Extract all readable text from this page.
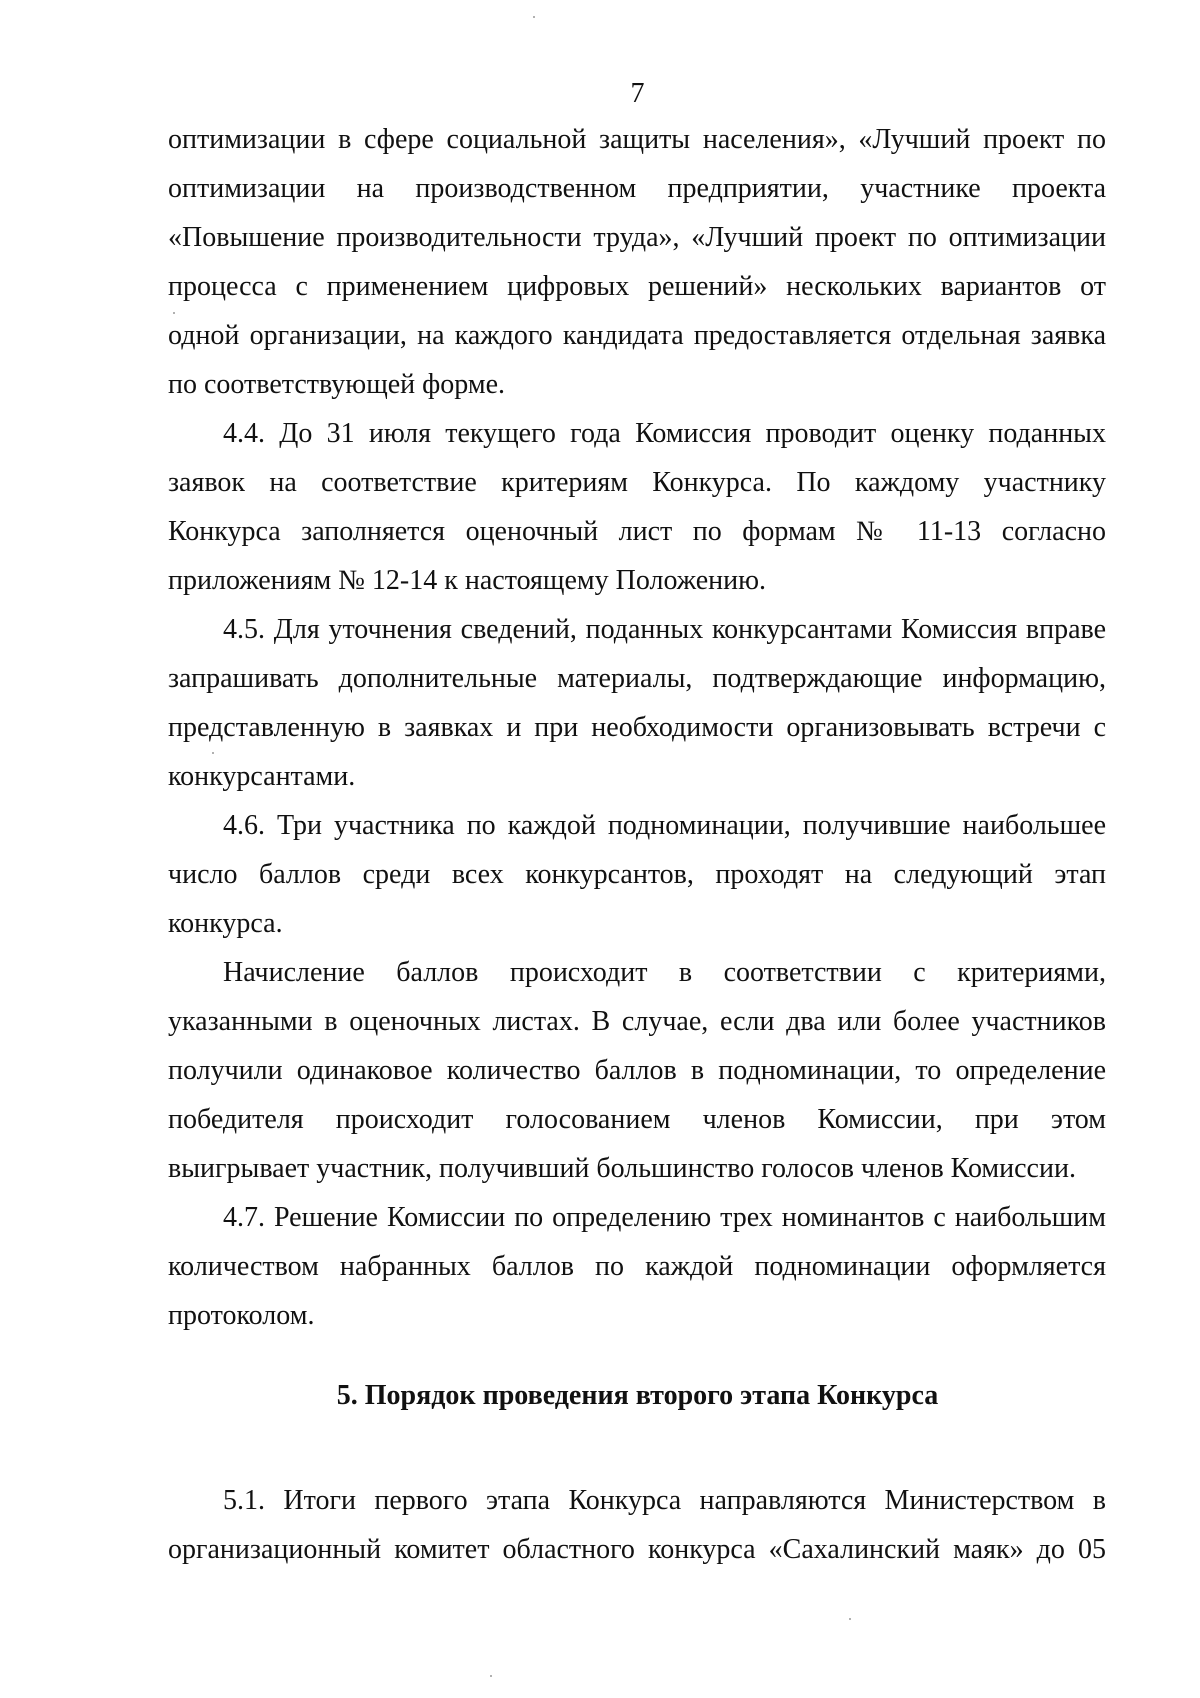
7
оптимизации в сфере социальной защиты населения», «Лучший проект по
оптимизации на производственном предприятии, участнике проекта
«Повышение производительности труда», «Лучший проект по оптимизации
процесса с применением цифровых решений» нескольких вариантов от
одной организации, на каждого кандидата предоставляется отдельная заявка
по соответствующей форме.
4.4. До 31 июля текущего года Комиссия проводит оценку поданных
заявок на соответствие критериям Конкурса. По каждому участнику
Конкурса заполняется оценочный лист по формам № 11-13 согласно
приложениям № 12-14 к настоящему Положению.
4.5. Для уточнения сведений, поданных конкурсантами Комиссия вправе
запрашивать дополнительные материалы, подтверждающие информацию,
представленную в заявках и при необходимости организовывать встречи с
конкурсантами.
4.6. Три участника по каждой подноминации, получившие наибольшее
число баллов среди всех конкурсантов, проходят на следующий этап
конкурса.
Начисление баллов происходит в соответствии с критериями,
указанными в оценочных листах. В случае, если два или более участников
получили одинаковое количество баллов в подноминации, то определение
победителя происходит голосованием членов Комиссии, при этом
выигрывает участник, получивший большинство голосов членов Комиссии.
4.7. Решение Комиссии по определению трех номинантов с наибольшим
количеством набранных баллов по каждой подноминации оформляется
протоколом.
5. Порядок проведения второго этапа Конкурса
5.1. Итоги первого этапа Конкурса направляются Министерством в
организационный комитет областного конкурса «Сахалинский маяк» до 05
